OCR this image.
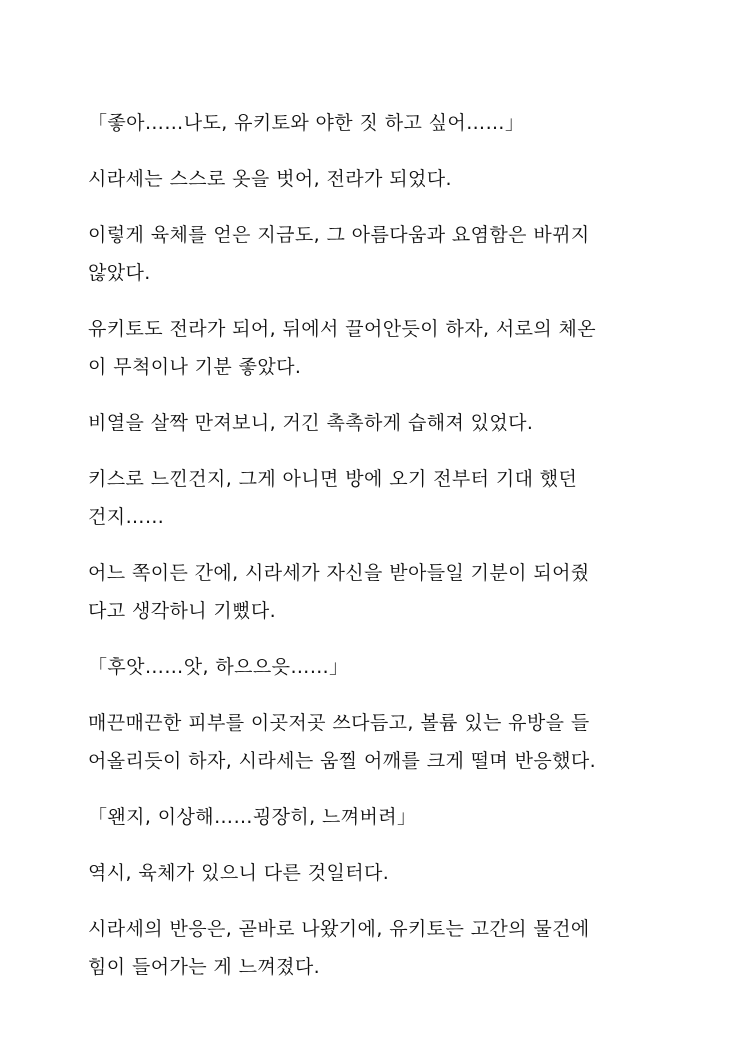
「좋아……나도, 유키토와 야한 짓 하고 싶어……」

시라세는 스스로 옷을 벗어, 전라가 되었다.

이렇게 육체를 얻은 지금도, 그 아름다움과 요염함은 바뀌지
않았다.

유키토도 전라가 되어, 뒤에서 끌어안듯이 하자, 서로의 체온
이 무척이나 기분 좋았다.

비열을 살짝 만져보니, 거긴 촉촉하게 습해져 있었다.

키스로 느낀건지, 그게 아니면 방에 오기 전부터 기대 했던
건지……

어느 쪽이든 간에, 시라세가 자신을 받아들일 기분이 되어줬
다고 생각하니 기뻤다.

「후앗……앗, 하으으읏……」

매끈매끈한 피부를 이곳저곳 쓰다듬고, 볼륨 있는 유방을 들
어올리듯이 하자, 시라세는 움찔 어깨를 크게 떨며 반응했다.

「왠지, 이상해……굉장히, 느껴버려」

역시, 육체가 있으니 다른 것일터다.

시라세의 반응은, 곧바로 나왔기에, 유키토는 고간의 물건에
힘이 들어가는 게 느껴졌다.
